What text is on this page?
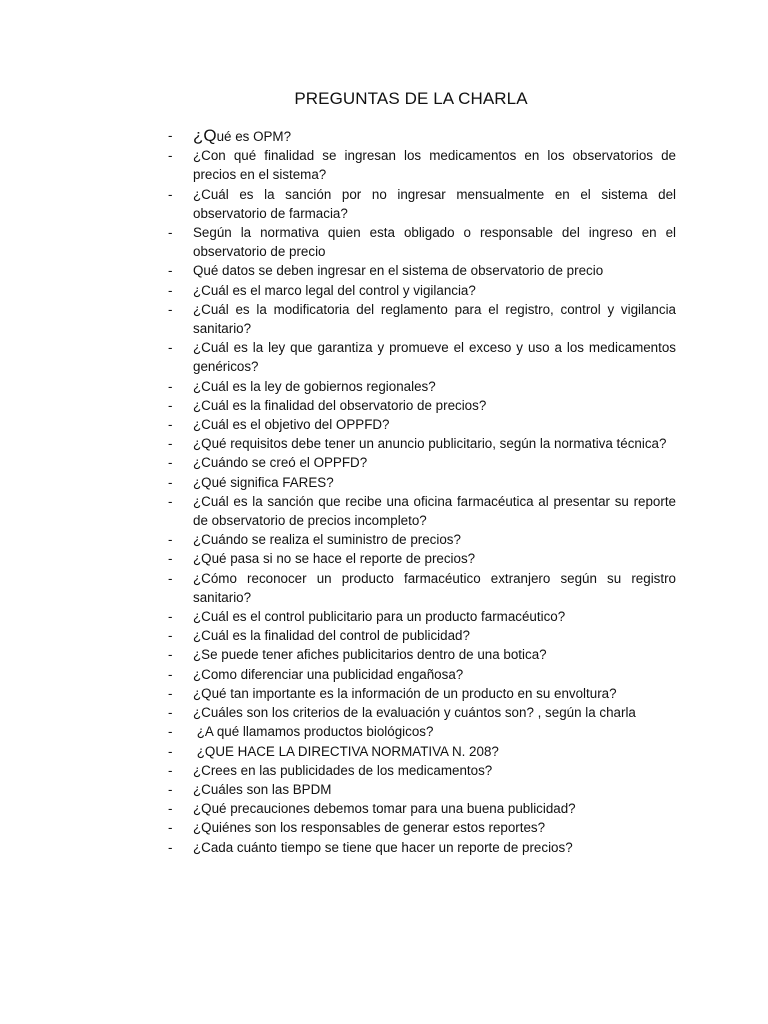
PREGUNTAS DE LA CHARLA
-	¿Qué es OPM?
-	¿Con qué finalidad se ingresan los medicamentos en los observatorios de precios en el sistema?
-	¿Cuál es la sanción por no ingresar mensualmente en el sistema del observatorio de farmacia?
-	Según la normativa quien esta obligado o responsable del ingreso en el observatorio de precio
-	Qué datos se deben ingresar en el sistema de observatorio de precio
-	¿Cuál es el marco legal del control y vigilancia?
-	¿Cuál es la modificatoria del reglamento para el registro, control y vigilancia sanitario?
-	¿Cuál es la ley que garantiza y promueve el exceso y uso a los medicamentos genéricos?
-	¿Cuál es la ley de gobiernos regionales?
-	¿Cuál es la finalidad del observatorio de precios?
-	¿Cuál es el objetivo del OPPFD?
-	¿Qué requisitos debe tener un anuncio publicitario, según la normativa técnica?
-	¿Cuándo se creó el OPPFD?
-	¿Qué significa FARES?
-	¿Cuál es la sanción que recibe una oficina farmacéutica al presentar su reporte de observatorio de precios incompleto?
-	¿Cuándo se realiza el suministro de precios?
-	¿Qué pasa si no se hace el reporte de precios?
-	¿Cómo reconocer un producto farmacéutico extranjero según su registro sanitario?
-	¿Cuál es el control publicitario para un producto farmacéutico?
-	¿Cuál es la finalidad del control de publicidad?
-	¿Se puede tener afiches publicitarios dentro de una botica?
-	¿Como diferenciar una publicidad engañosa?
-	¿Qué tan importante es la información de un producto en su envoltura?
-	¿Cuáles son los criterios de la evaluación y cuántos son? , según la charla
-	¿A qué llamamos productos biológicos?
-	¿QUE HACE LA DIRECTIVA NORMATIVA N. 208?
-	¿Crees en las publicidades de los medicamentos?
-	¿Cuáles son las BPDM
-	¿Qué precauciones debemos tomar para una buena publicidad?
-	¿Quiénes son los responsables de generar estos reportes?
-	¿Cada cuánto tiempo se tiene que hacer un reporte de precios?
